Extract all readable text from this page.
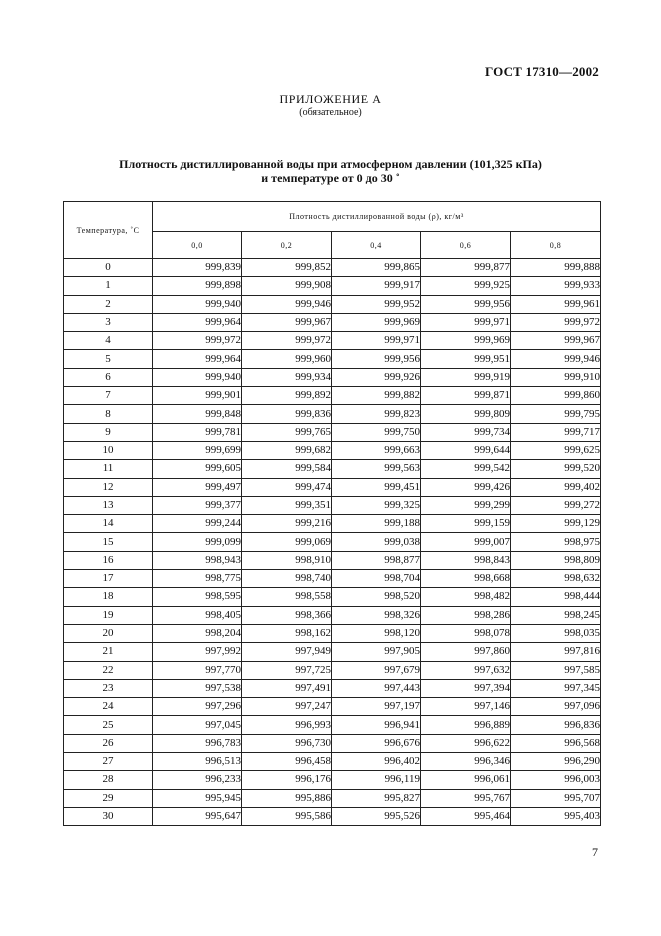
ГОСТ 17310—2002
ПРИЛОЖЕНИЕ А
(обязательное)
Плотность дистиллированной воды при атмосферном давлении (101,325 кПа)
и температуре от 0 до 30 ˚
Температура, ˚С	Плотность дистиллированной воды (ρ), кг/м³				
	0,0	0,2	0,4	0,6	0,8
0	999,839	999,852	999,865	999,877	999,888
1	999,898	999,908	999,917	999,925	999,933
2	999,940	999,946	999,952	999,956	999,961
3	999,964	999,967	999,969	999,971	999,972
4	999,972	999,972	999,971	999,969	999,967
5	999,964	999,960	999,956	999,951	999,946
6	999,940	999,934	999,926	999,919	999,910
7	999,901	999,892	999,882	999,871	999,860
8	999,848	999,836	999,823	999,809	999,795
9	999,781	999,765	999,750	999,734	999,717
10	999,699	999,682	999,663	999,644	999,625
11	999,605	999,584	999,563	999,542	999,520
12	999,497	999,474	999,451	999,426	999,402
13	999,377	999,351	999,325	999,299	999,272
14	999,244	999,216	999,188	999,159	999,129
15	999,099	999,069	999,038	999,007	998,975
16	998,943	998,910	998,877	998,843	998,809
17	998,775	998,740	998,704	998,668	998,632
18	998,595	998,558	998,520	998,482	998,444
19	998,405	998,366	998,326	998,286	998,245
20	998,204	998,162	998,120	998,078	998,035
21	997,992	997,949	997,905	997,860	997,816
22	997,770	997,725	997,679	997,632	997,585
23	997,538	997,491	997,443	997,394	997,345
24	997,296	997,247	997,197	997,146	997,096
25	997,045	996,993	996,941	996,889	996,836
26	996,783	996,730	996,676	996,622	996,568
27	996,513	996,458	996,402	996,346	996,290
28	996,233	996,176	996,119	996,061	996,003
29	995,945	995,886	995,827	995,767	995,707
30	995,647	995,586	995,526	995,464	995,403
7
